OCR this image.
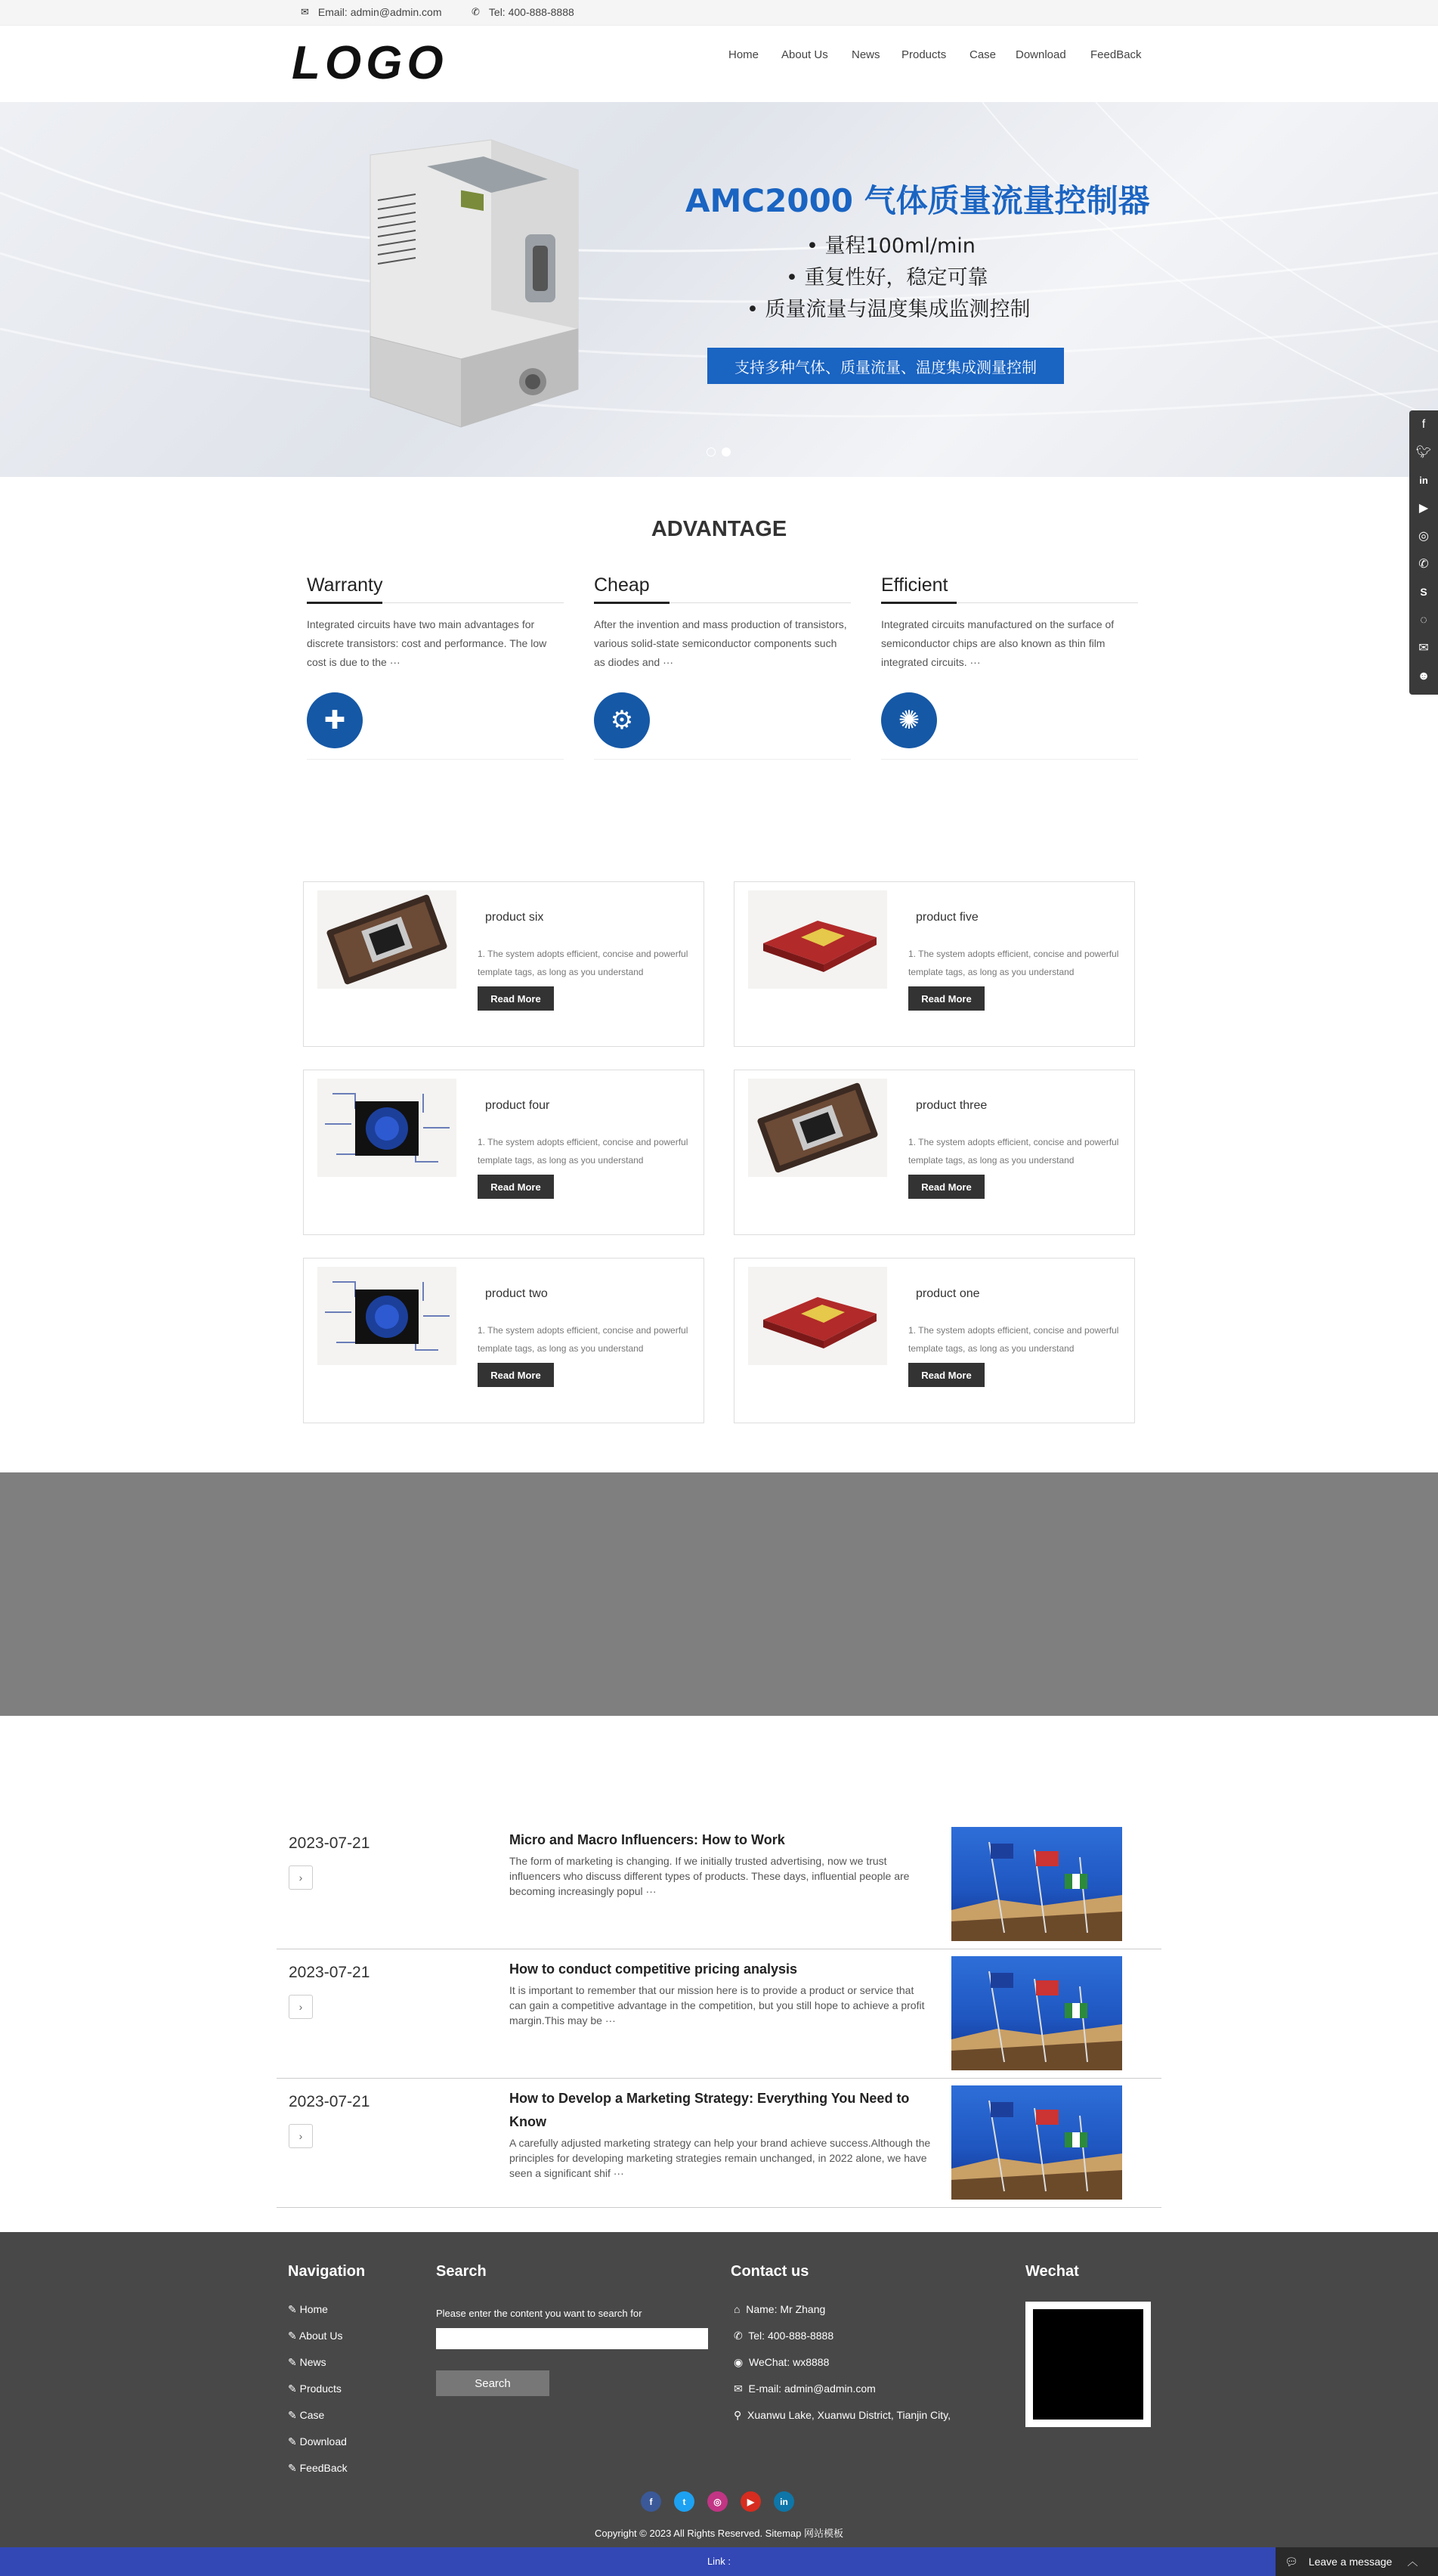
✉ Email: admin@admin.com	✆ Tel: 400-888-8888
LOGO	Home About Us News Products Case Download FeedBack
AMC2000 气体质量流量控制器
• 量程100ml/min
• 重复性好，稳定可靠
• 质量流量与温度集成监测控制
支持多种气体、质量流量、温度集成测量控制
f
🐦︎
in
▶
◎
✆
S
◌
✉
☻
ADVANTAGE
Warranty

Integrated circuits have two main advantages for discrete transistors: cost and performance. The low cost is due to the ···

✚
Cheap

After the invention and mass production of transistors, various solid-state semiconductor components such as diodes and ···

⚙
Efficient

Integrated circuits manufactured on the surface of semiconductor chips are also known as thin film integrated circuits. ···

✺
product six
1. The system adopts efficient, concise and powerful template tags, as long as you understand
Read More
product five
1. The system adopts efficient, concise and powerful template tags, as long as you understand
Read More
product four
1. The system adopts efficient, concise and powerful template tags, as long as you understand
Read More
product three
1. The system adopts efficient, concise and powerful template tags, as long as you understand
Read More
product two
1. The system adopts efficient, concise and powerful template tags, as long as you understand
Read More
product one
1. The system adopts efficient, concise and powerful template tags, as long as you understand
Read More
2023-07-21
›
Micro and Macro Influencers: How to Work
The form of marketing is changing. If we initially trusted advertising, now we trust influencers who discuss different types of products. These days, influential people are becoming increasingly popul ···
2023-07-21
›
How to conduct competitive pricing analysis
It is important to remember that our mission here is to provide a product or service that can gain a competitive advantage in the competition, but you still hope to achieve a profit margin.This may be ···
2023-07-21
›
How to Develop a Marketing Strategy: Everything You Need to Know
A carefully adjusted marketing strategy can help your brand achieve success.Although the principles for developing marketing strategies remain unchanged, in 2022 alone, we have seen a significant shif ···
Navigation
✎ Home
✎ About Us
✎ News
✎ Products
✎ Case
✎ Download
✎ FeedBack
Search
Please enter the content you want to search for
Search
Contact us
⌂ Name: Mr Zhang
✆ Tel: 400-888-8888
◉ WeChat: wx8888
✉ E-mail: admin@admin.com
⚲ Xuanwu Lake, Xuanwu District, Tianjin City,
Wechat
f	t	◎	▶	in
Copyright © 2023 All Rights Reserved. Sitemap 网站模板
Link :	💬︎ Leave a message ︿
